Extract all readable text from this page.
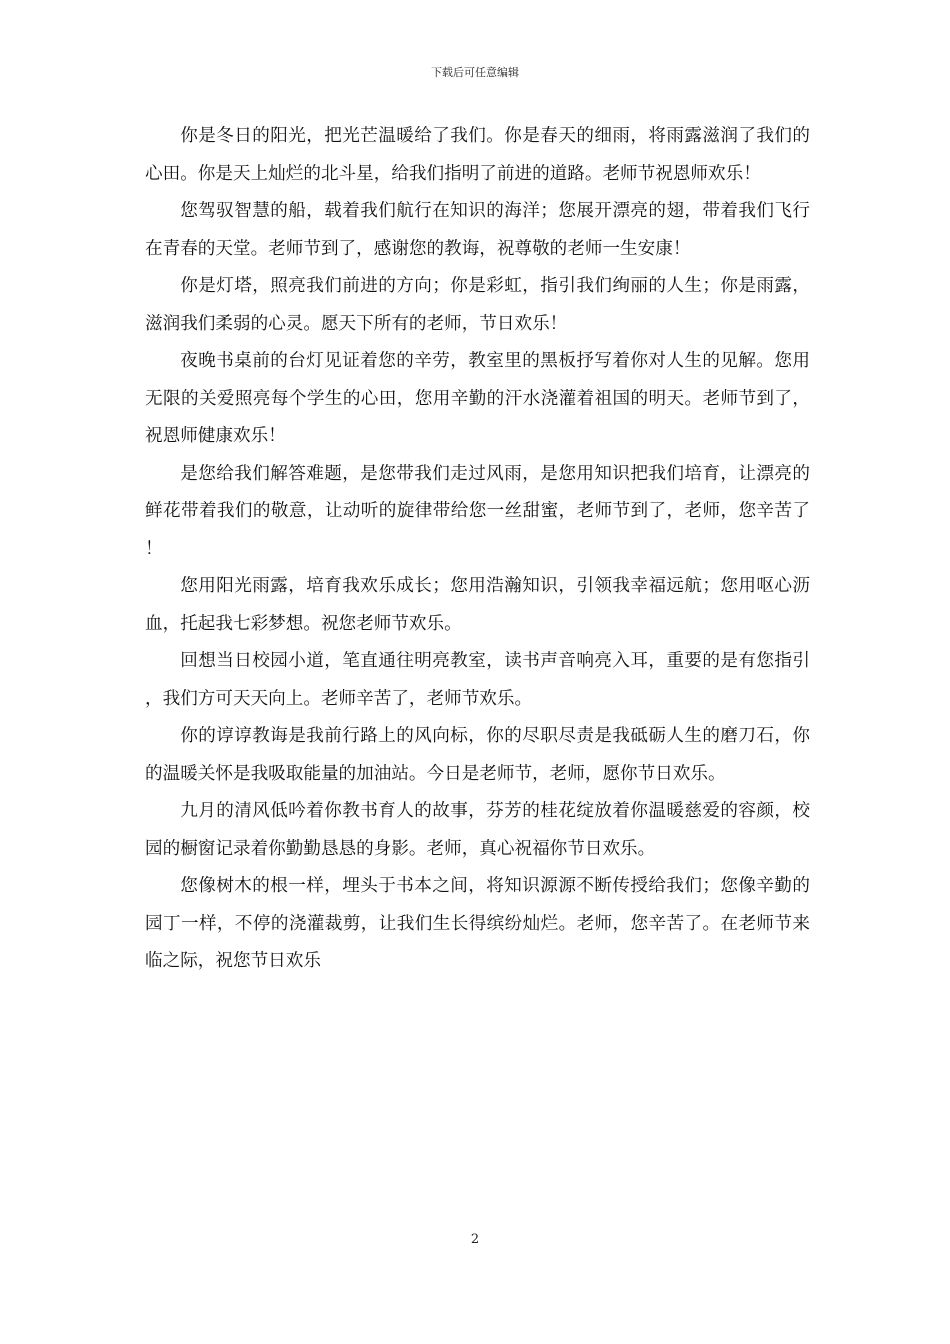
下载后可任意编辑

你是冬日的阳光，把光芒温暖给了我们。你是春天的细雨，将雨露滋润了我们的心田。你是天上灿烂的北斗星，给我们指明了前进的道路。老师节祝恩师欢乐！

您驾驭智慧的船，载着我们航行在知识的海洋；您展开漂亮的翅，带着我们飞行在青春的天堂。老师节到了，感谢您的教诲，祝尊敬的老师一生安康！

你是灯塔，照亮我们前进的方向；你是彩虹，指引我们绚丽的人生；你是雨露，滋润我们柔弱的心灵。愿天下所有的老师，节日欢乐！

夜晚书桌前的台灯见证着您的辛劳，教室里的黑板抒写着你对人生的见解。您用无限的关爱照亮每个学生的心田，您用辛勤的汗水浇灌着祖国的明天。老师节到了，祝恩师健康欢乐！

是您给我们解答难题，是您带我们走过风雨，是您用知识把我们培育，让漂亮的鲜花带着我们的敬意，让动听的旋律带给您一丝甜蜜，老师节到了，老师，您辛苦了！

您用阳光雨露，培育我欢乐成长；您用浩瀚知识，引领我幸福远航；您用呕心沥血，托起我七彩梦想。祝您老师节欢乐。

回想当日校园小道，笔直通往明亮教室，读书声音响亮入耳，重要的是有您指引，我们方可天天向上。老师辛苦了，老师节欢乐。

你的谆谆教诲是我前行路上的风向标，你的尽职尽责是我砥砺人生的磨刀石，你的温暖关怀是我吸取能量的加油站。今日是老师节，老师，愿你节日欢乐。

九月的清风低吟着你教书育人的故事，芬芳的桂花绽放着你温暖慈爱的容颜，校园的橱窗记录着你勤勤恳恳的身影。老师，真心祝福你节日欢乐。

您像树木的根一样，埋头于书本之间，将知识源源不断传授给我们；您像辛勤的园丁一样，不停的浇灌裁剪，让我们生长得缤纷灿烂。老师，您辛苦了。在老师节来临之际，祝您节日欢乐

2
